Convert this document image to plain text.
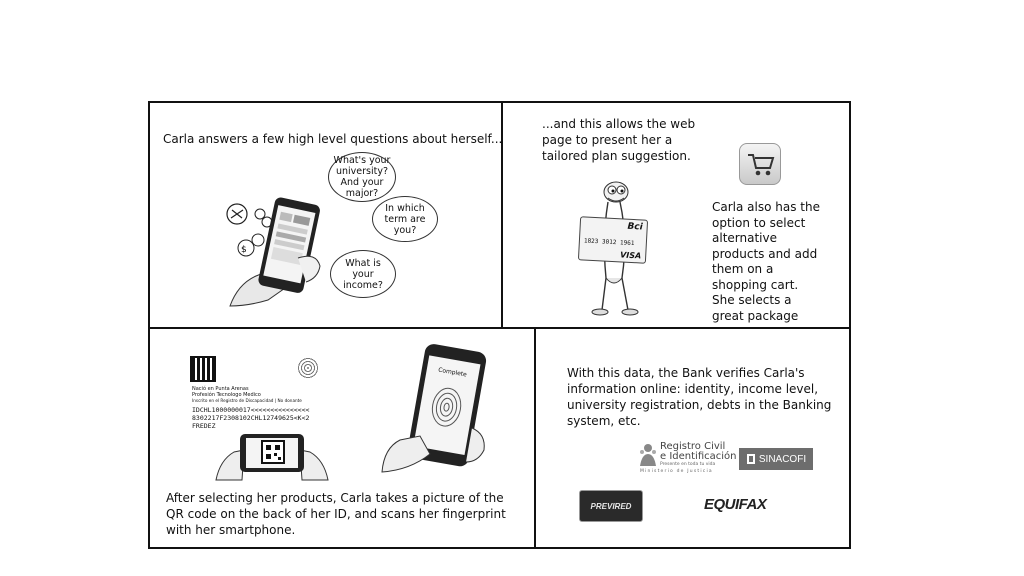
Carla answers a few high level questions about herself...
$
What's your university? And your major?
In which term are you?
What is your income?
...and this allows the web
page to present her a
tailored plan suggestion.
Bci
1823 3012 1961
VISA
Carla also has the
option to select
alternative
products and add
them on a
shopping cart.
She selects a
great package
Nació en Punta Arenas
Profesión Tecnologo Medico
Inscrito en el Registro de Discapacidad | No donante
IDCHL1000000017<<<<<<<<<<<<<<<
8302217F2308102CHL12749625<K<2
FREDEZ
Complete
After selecting her products, Carla takes a picture of the
QR code on the back of her ID, and scans her fingerprint
with her smartphone.
With this data, the Bank verifies Carla's
information online: identity, income level,
university registration, debts in the Banking
system, etc.
Registro Civil
e Identificación
Presente en toda tu vida
Ministerio de Justicia
SINACOFI
PREVIRED	EQUIFAX
